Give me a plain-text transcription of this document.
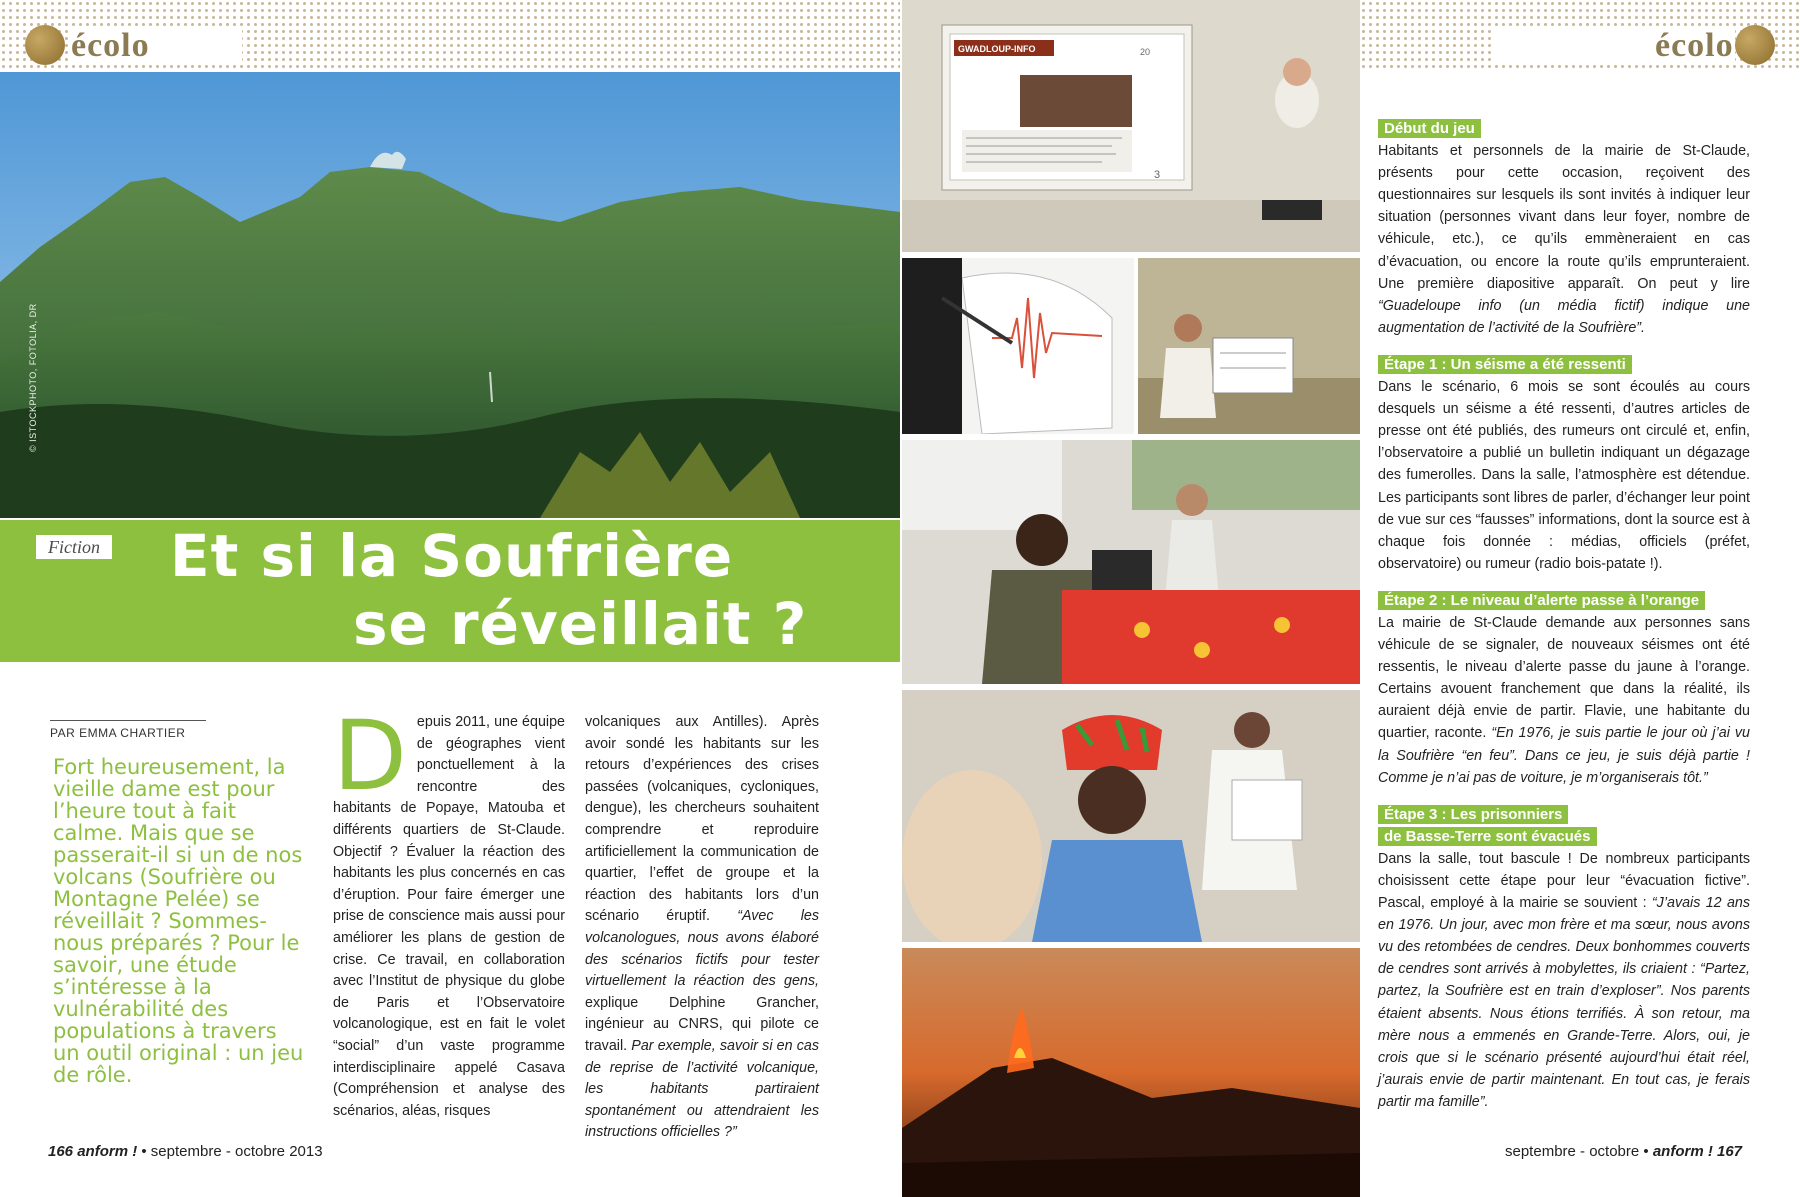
écolo
© ISTOCKPHOTO, FOTOLIA, DR
Fiction Et si la Soufrière
se réveillait ?
PAR EMMA CHARTIER
Fort heureusement, la vieille dame est pour l’heure tout à fait calme. Mais que se passerait-il si un de nos volcans (Soufrière ou Montagne Pelée) se réveillait ? Sommes-nous préparés ? Pour le savoir, une étude s’intéresse à la vulnérabilité des populations à travers un outil original : un jeu de rôle.
Depuis 2011, une équipe de géographes vient ponctuellement à la rencontre des habitants de Popaye, Matouba et différents quartiers de St-Claude. Objectif ? Évaluer la réaction des habitants les plus concernés en cas d’éruption. Pour faire émerger une prise de conscience mais aussi pour améliorer les plans de gestion de crise. Ce travail, en collaboration avec l’Institut de physique du globe de Paris et l’Observatoire volcanologique, est en fait le volet “social” d’un vaste programme interdisciplinaire appelé Casava (Compréhension et analyse des scénarios, aléas, risques
volcaniques aux Antilles). Après avoir sondé les habitants sur les retours d’expériences des crises passées (volcaniques, cycloniques, dengue), les chercheurs souhaitent comprendre et reproduire artificiellement la communication de quartier, l’effet de groupe et la réaction des habitants lors d’un scénario éruptif. “Avec les volcanologues, nous avons élaboré des scénarios fictifs pour tester virtuellement la réaction des gens, explique Delphine Grancher, ingénieur au CNRS, qui pilote ce travail. Par exemple, savoir si en cas de reprise de l’activité volcanique, les habitants partiraient spontanément ou attendraient les instructions officielles ?”
166 anform ! • septembre - octobre 2013
écolo
GWADLOUP-INFO	20
3
Début du jeu

Habitants et personnels de la mairie de St-Claude, présents pour cette occasion, reçoivent des questionnaires sur lesquels ils sont invités à indiquer leur situation (personnes vivant dans leur foyer, nombre de véhicule, etc.), ce qu’ils emmèneraient en cas d’évacuation, ou encore la route qu’ils emprunteraient. Une première diapositive apparaît. On peut y lire “Guadeloupe info (un média fictif) indique une augmentation de l’activité de la Soufrière”.

Étape 1 : Un séisme a été ressenti

Dans le scénario, 6 mois se sont écoulés au cours desquels un séisme a été ressenti, d’autres articles de presse ont été publiés, des rumeurs ont circulé et, enfin, l’observatoire a publié un bulletin indiquant un dégazage des fumerolles. Dans la salle, l’atmosphère est détendue. Les participants sont libres de parler, d’échanger leur point de vue sur ces “fausses” informations, dont la source est à chaque fois donnée : médias, officiels (préfet, observatoire) ou rumeur (radio bois-patate !).

Étape 2 : Le niveau d’alerte passe à l’orange

La mairie de St-Claude demande aux personnes sans véhicule de se signaler, de nouveaux séismes ont été ressentis, le niveau d’alerte passe du jaune à l’orange. Certains avouent franchement que dans la réalité, ils auraient déjà envie de partir. Flavie, une habitante du quartier, raconte. “En 1976, je suis partie le jour où j’ai vu la Soufrière “en feu”. Dans ce jeu, je suis déjà partie ! Comme je n’ai pas de voiture, je m’organiserais tôt.”

Étape 3 : Les prisonniers
de Basse-Terre sont évacués

Dans la salle, tout bascule ! De nombreux participants choisissent cette étape pour leur “évacuation fictive”. Pascal, employé à la mairie se souvient : “J’avais 12 ans en 1976. Un jour, avec mon frère et ma sœur, nous avons vu des retombées de cendres. Deux bonhommes couverts de cendres sont arrivés à mobylettes, ils criaient : “Partez, partez, la Soufrière est en train d’exploser”. Nos parents étaient absents. Nous étions terrifiés. À son retour, ma mère nous a emmenés en Grande-Terre. Alors, oui, je crois que si le scénario présenté aujourd’hui était réel, j’aurais envie de partir maintenant. En tout cas, je ferais partir ma famille”.

septembre - octobre • anform ! 167
